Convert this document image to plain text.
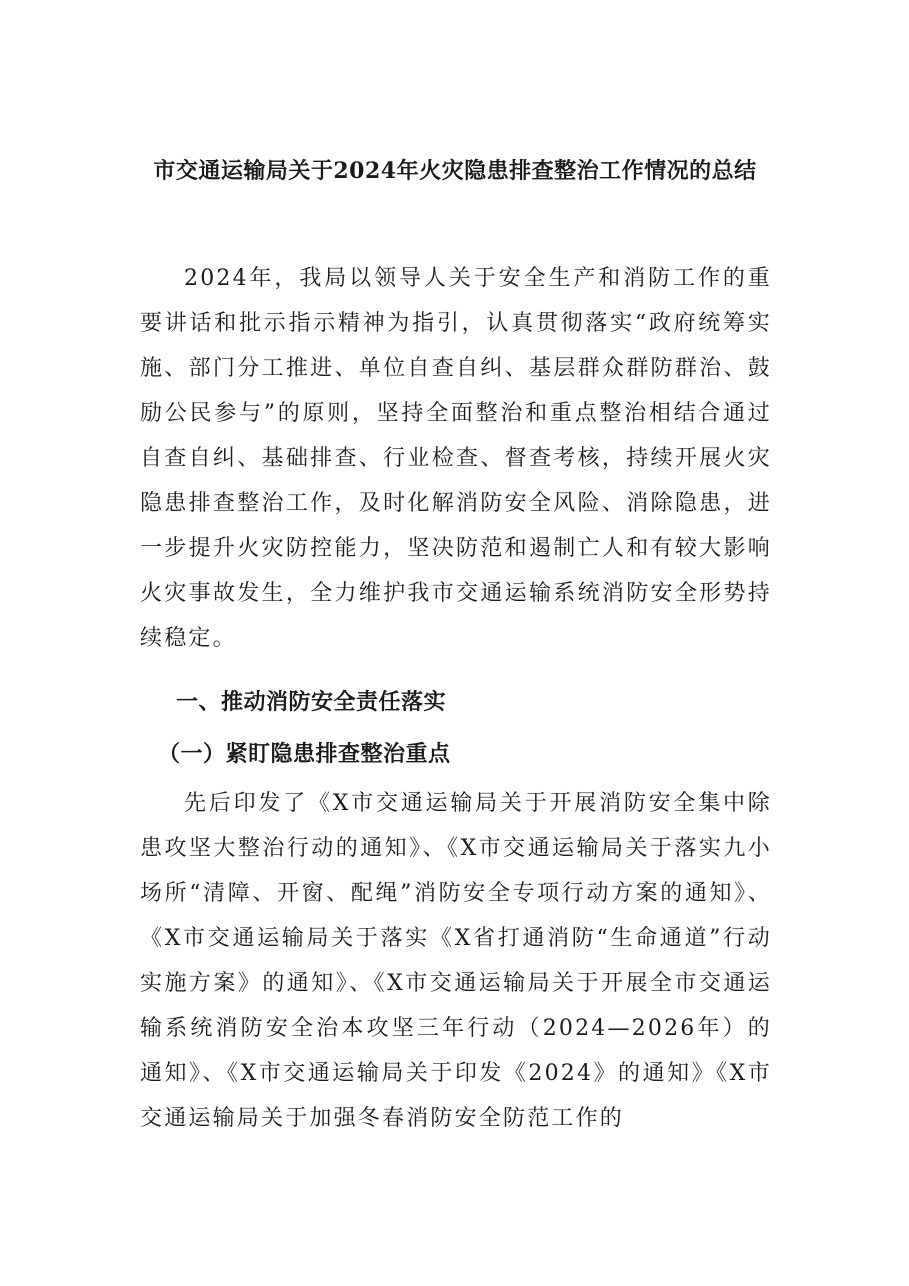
市交通运输局关于2024年火灾隐患排查整治工作情况的总结

2024年，我局以领导人关于安全生产和消防工作的重要讲话和批示指示精神为指引，认真贯彻落实“政府统筹实施、部门分工推进、单位自查自纠、基层群众群防群治、鼓励公民参与”的原则，坚持全面整治和重点整治相结合通过自查自纠、基础排查、行业检查、督查考核，持续开展火灾隐患排查整治工作，及时化解消防安全风险、消除隐患，进一步提升火灾防控能力，坚决防范和遏制亡人和有较大影响火灾事故发生，全力维护我市交通运输系统消防安全形势持续稳定。

一、推动消防安全责任落实

（一）紧盯隐患排查整治重点

先后印发了《X市交通运输局关于开展消防安全集中除患攻坚大整治行动的通知》、《X市交通运输局关于落实九小场所“清障、开窗、配绳”消防安全专项行动方案的通知》、《X市交通运输局关于落实《X省打通消防“生命通道”行动实施方案》的通知》、《X市交通运输局关于开展全市交通运输系统消防安全治本攻坚三年行动（2024—2026年）的通知》、《X市交通运输局关于印发《2024》的通知》《X市交通运输局关于加强冬春消防安全防范工作的
